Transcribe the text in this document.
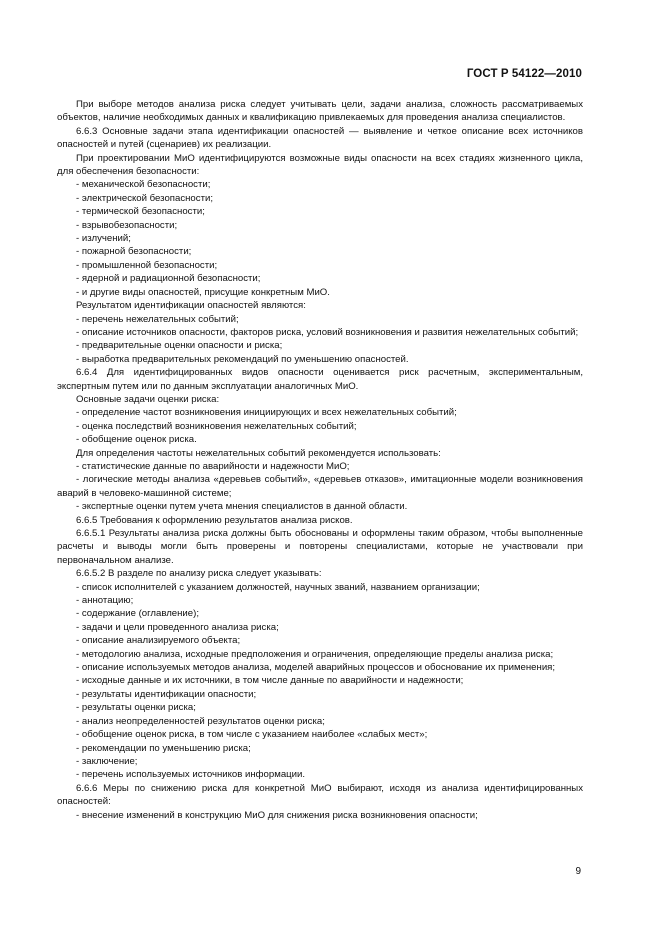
ГОСТ Р 54122—2010

При выборе методов анализа риска следует учитывать цели, задачи анализа, сложность рассматриваемых объектов, наличие необходимых данных и квалификацию привлекаемых для проведения анализа специалистов.

6.6.3 Основные задачи этапа идентификации опасностей — выявление и четкое описание всех источников опасностей и путей (сценариев) их реализации.

При проектировании МиО идентифицируются возможные виды опасности на всех стадиях жизненного цикла, для обеспечения безопасности:

- механической безопасности;

- электрической безопасности;

- термической безопасности;

- взрывобезопасности;

- излучений;

- пожарной безопасности;

- промышленной безопасности;

- ядерной и радиационной безопасности;

- и другие виды опасностей, присущие конкретным МиО.

Результатом идентификации опасностей являются:

- перечень нежелательных событий;

- описание источников опасности, факторов риска, условий возникновения и развития нежелательных событий;

- предварительные оценки опасности и риска;

- выработка предварительных рекомендаций по уменьшению опасностей.

6.6.4 Для идентифицированных видов опасности оценивается риск расчетным, экспериментальным, экспертным путем или по данным эксплуатации аналогичных МиО.

Основные задачи оценки риска:

- определение частот возникновения инициирующих и всех нежелательных событий;

- оценка последствий возникновения нежелательных событий;

- обобщение оценок риска.

Для определения частоты нежелательных событий рекомендуется использовать:

- статистические данные по аварийности и надежности МиО;

- логические методы анализа «деревьев событий», «деревьев отказов», имитационные модели возникновения аварий в человеко-машинной системе;

- экспертные оценки путем учета мнения специалистов в данной области.

6.6.5 Требования к оформлению результатов анализа рисков.

6.6.5.1 Результаты анализа риска должны быть обоснованы и оформлены таким образом, чтобы выполненные расчеты и выводы могли быть проверены и повторены специалистами, которые не участвовали при первоначальном анализе.

6.6.5.2 В разделе по анализу риска следует указывать:

- список исполнителей с указанием должностей, научных званий, названием организации;

- аннотацию;

- содержание (оглавление);

- задачи и цели проведенного анализа риска;

- описание анализируемого объекта;

- методологию анализа, исходные предположения и ограничения, определяющие пределы анализа риска;

- описание используемых методов анализа, моделей аварийных процессов и обоснование их применения;

- исходные данные и их источники, в том числе данные по аварийности и надежности;

- результаты идентификации опасности;

- результаты оценки риска;

- анализ неопределенностей результатов оценки риска;

- обобщение оценок риска, в том числе с указанием наиболее «слабых мест»;

- рекомендации по уменьшению риска;

- заключение;

- перечень используемых источников информации.

6.6.6 Меры по снижению риска для конкретной МиО выбирают, исходя из анализа идентифицированных опасностей:

- внесение изменений в конструкцию МиО для снижения риска возникновения опасности;

9
